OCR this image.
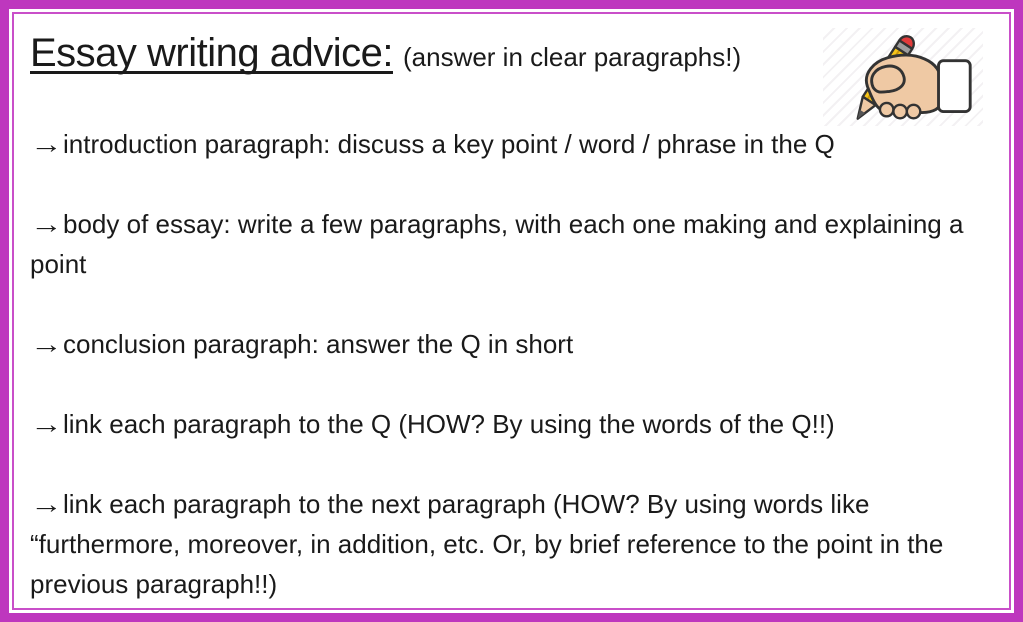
Essay writing advice: (answer in clear paragraphs!)

→introduction paragraph: discuss a key point / word / phrase in the Q

→body of essay: write a few paragraphs, with each one making and explaining a point

→conclusion paragraph: answer the Q in short

→link each paragraph to the Q (HOW? By using the words of the Q!!)

→link each paragraph to the next paragraph (HOW? By using words like “furthermore, moreover, in addition, etc. Or, by brief reference to the point in the previous paragraph!!)
